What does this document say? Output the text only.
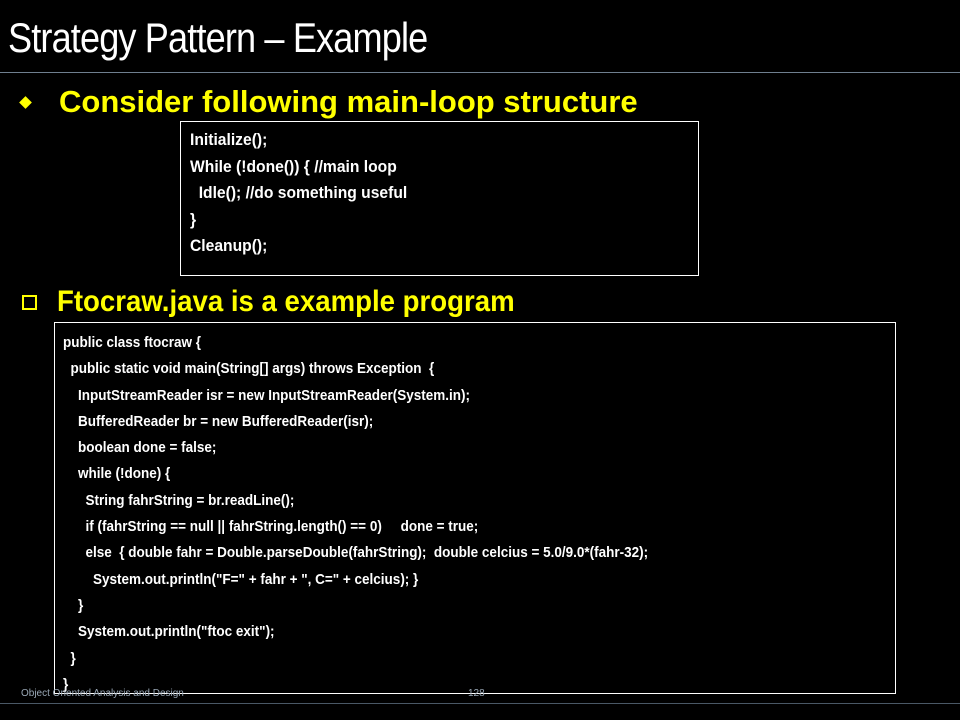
Strategy Pattern – Example
Consider following main-loop structure
Initialize();
While (!done()) { //main loop
Idle(); //do something useful
}
Cleanup();
Ftocraw.java is a example program
public class ftocraw {
public static void main(String[] args) throws Exception  {
InputStreamReader isr = new InputStreamReader(System.in);
BufferedReader br = new BufferedReader(isr);
boolean done = false;
while (!done) {
String fahrString = br.readLine();
if (fahrString == null || fahrString.length() == 0)     done = true;
else  { double fahr = Double.parseDouble(fahrString);  double celcius = 5.0/9.0*(fahr-32);
System.out.println("F=" + fahr + ", C=" + celcius); }
}
System.out.println("ftoc exit");
}
}
Object Oriented Analysis and Design	128
